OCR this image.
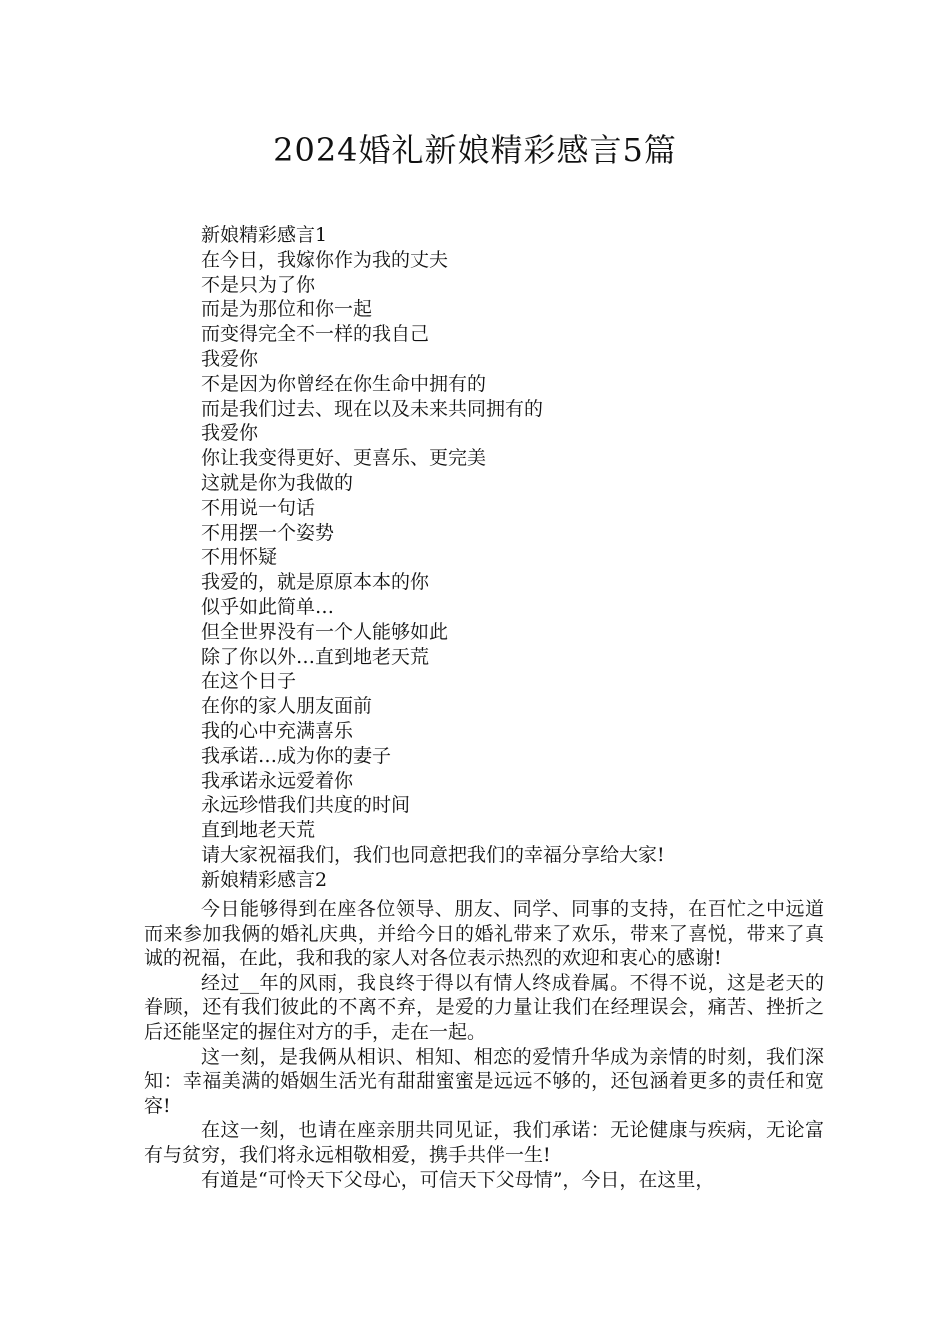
2024婚礼新娘精彩感言5篇
新娘精彩感言1
在今日，我嫁你作为我的丈夫
不是只为了你
而是为那位和你一起
而变得完全不一样的我自己
我爱你
不是因为你曾经在你生命中拥有的
而是我们过去、现在以及未来共同拥有的
我爱你
你让我变得更好、更喜乐、更完美
这就是你为我做的
不用说一句话
不用摆一个姿势
不用怀疑
我爱的，就是原原本本的你
似乎如此简单…
但全世界没有一个人能够如此
除了你以外…直到地老天荒
在这个日子
在你的家人朋友面前
我的心中充满喜乐
我承诺…成为你的妻子
我承诺永远爱着你
永远珍惜我们共度的时间
直到地老天荒
请大家祝福我们，我们也同意把我们的幸福分享给大家!
新娘精彩感言2

今日能够得到在座各位领导、朋友、同学、同事的支持，在百忙之中远道而来参加我俩的婚礼庆典，并给今日的婚礼带来了欢乐，带来了喜悦，带来了真诚的祝福，在此，我和我的家人对各位表示热烈的欢迎和衷心的感谢!

经过__年的风雨，我良终于得以有情人终成眷属。不得不说，这是老天的眷顾，还有我们彼此的不离不弃，是爱的力量让我们在经理误会，痛苦、挫折之后还能坚定的握住对方的手，走在一起。

这一刻，是我俩从相识、相知、相恋的爱情升华成为亲情的时刻，我们深知：幸福美满的婚姻生活光有甜甜蜜蜜是远远不够的，还包涵着更多的责任和宽容!

在这一刻，也请在座亲朋共同见证，我们承诺：无论健康与疾病，无论富有与贫穷，我们将永远相敬相爱，携手共伴一生!

有道是“可怜天下父母心，可信天下父母情”，今日，在这里，
